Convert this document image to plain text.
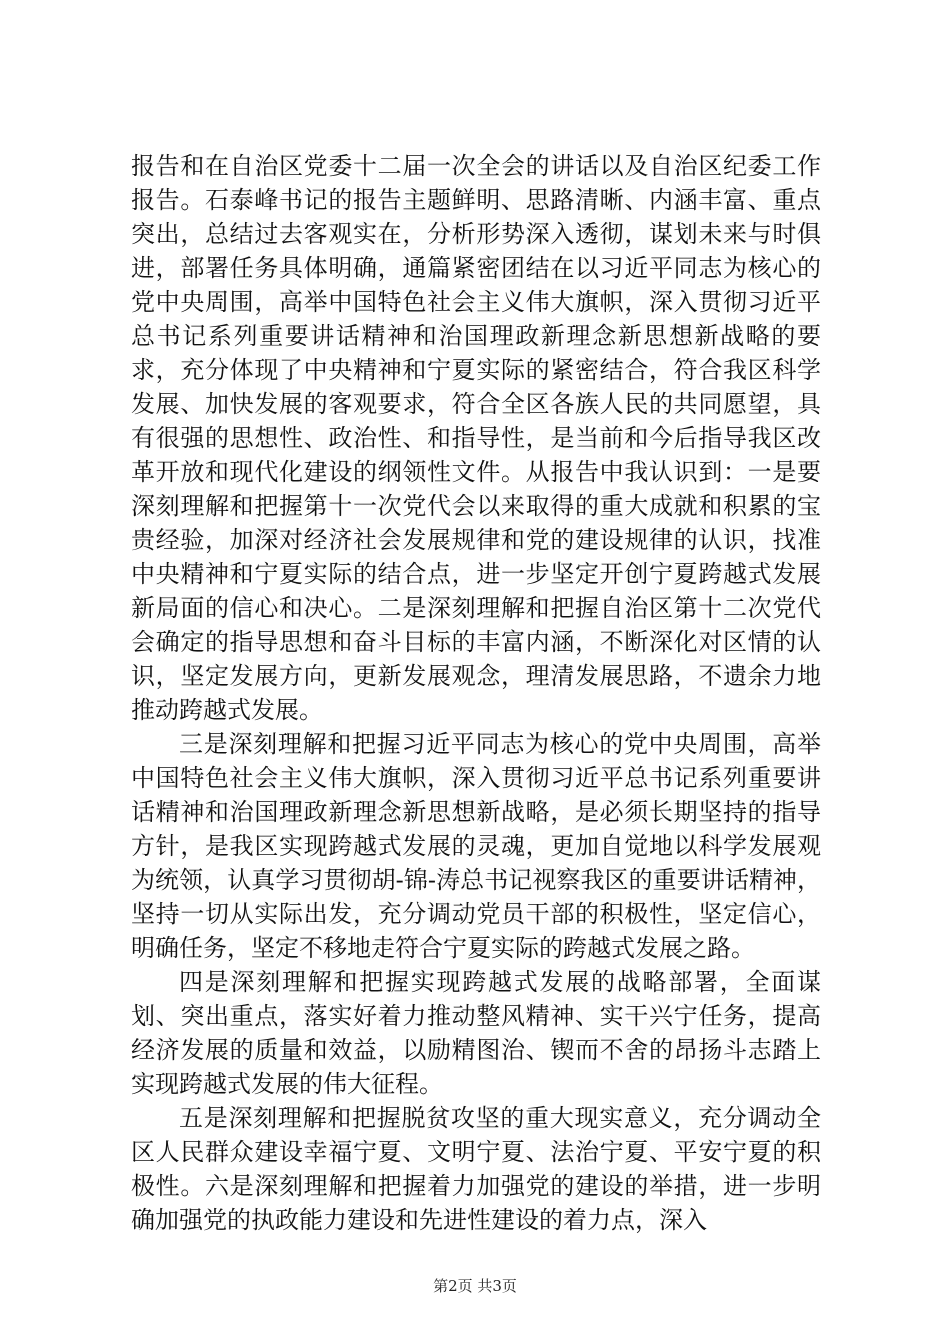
报告和在自治区党委十二届一次全会的讲话以及自治区纪委工作报告。石泰峰书记的报告主题鲜明、思路清晰、内涵丰富、重点突出，总结过去客观实在，分析形势深入透彻，谋划未来与时俱进，部署任务具体明确，通篇紧密团结在以习近平同志为核心的党中央周围，高举中国特色社会主义伟大旗帜，深入贯彻习近平总书记系列重要讲话精神和治国理政新理念新思想新战略的要求，充分体现了中央精神和宁夏实际的紧密结合，符合我区科学发展、加快发展的客观要求，符合全区各族人民的共同愿望，具有很强的思想性、政治性、和指导性，是当前和今后指导我区改革开放和现代化建设的纲领性文件。从报告中我认识到：一是要深刻理解和把握第十一次党代会以来取得的重大成就和积累的宝贵经验，加深对经济社会发展规律和党的建设规律的认识，找准中央精神和宁夏实际的结合点，进一步坚定开创宁夏跨越式发展新局面的信心和决心。二是深刻理解和把握自治区第十二次党代会确定的指导思想和奋斗目标的丰富内涵，不断深化对区情的认识，坚定发展方向，更新发展观念，理清发展思路，不遗余力地推动跨越式发展。

三是深刻理解和把握习近平同志为核心的党中央周围，高举中国特色社会主义伟大旗帜，深入贯彻习近平总书记系列重要讲话精神和治国理政新理念新思想新战略，是必须长期坚持的指导方针，是我区实现跨越式发展的灵魂，更加自觉地以科学发展观为统领，认真学习贯彻胡-锦-涛总书记视察我区的重要讲话精神，坚持一切从实际出发，充分调动党员干部的积极性，坚定信心，明确任务，坚定不移地走符合宁夏实际的跨越式发展之路。

四是深刻理解和把握实现跨越式发展的战略部署，全面谋划、突出重点，落实好着力推动整风精神、实干兴宁任务，提高经济发展的质量和效益，以励精图治、锲而不舍的昂扬斗志踏上实现跨越式发展的伟大征程。

五是深刻理解和把握脱贫攻坚的重大现实意义，充分调动全区人民群众建设幸福宁夏、文明宁夏、法治宁夏、平安宁夏的积极性。六是深刻理解和把握着力加强党的建设的举措，进一步明确加强党的执政能力建设和先进性建设的着力点，深入

第2页 共3页
